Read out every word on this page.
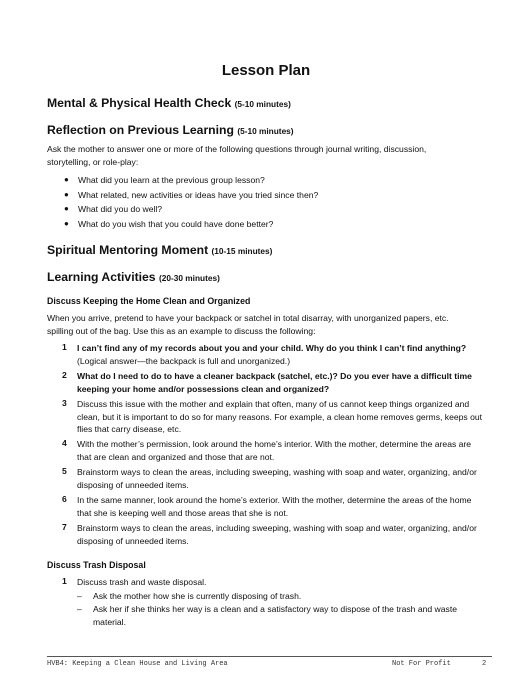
Lesson Plan
Mental & Physical Health Check (5-10 minutes)
Reflection on Previous Learning (5-10 minutes)
Ask the mother to answer one or more of the following questions through journal writing, discussion, storytelling, or role-play:
● What did you learn at the previous group lesson?
● What related, new activities or ideas have you tried since then?
● What did you do well?
● What do you wish that you could have done better?
Spiritual Mentoring Moment (10-15 minutes)
Learning Activities (20-30 minutes)
Discuss Keeping the Home Clean and Organized
When you arrive, pretend to have your backpack or satchel in total disarray, with unorganized papers, etc. spilling out of the bag. Use this as an example to discuss the following:
1	I can’t find any of my records about you and your child. Why do you think I can’t find anything?
(Logical answer—the backpack is full and unorganized.)
2	What do I need to do to have a cleaner backpack (satchel, etc.)? Do you ever have a difficult time keeping your home and/or possessions clean and organized?
3	Discuss this issue with the mother and explain that often, many of us cannot keep things organized and clean, but it is important to do so for many reasons. For example, a clean home removes germs, keeps out flies that carry disease, etc.
4	With the mother’s permission, look around the home’s interior. With the mother, determine the areas are that are clean and organized and those that are not.
5	Brainstorm ways to clean the areas, including sweeping, washing with soap and water, organizing, and/or disposing of unneeded items.
6	In the same manner, look around the home’s exterior. With the mother, determine the areas of the home that she is keeping well and those areas that she is not.
7	Brainstorm ways to clean the areas, including sweeping, washing with soap and water, organizing, and/or disposing of unneeded items.
Discuss Trash Disposal
1	Discuss trash and waste disposal.
– Ask the mother how she is currently disposing of trash.
– Ask her if she thinks her way is a clean and a satisfactory way to dispose of the trash and waste material.
HVB4: Keeping a Clean House and Living Area	Not For Profit	2
